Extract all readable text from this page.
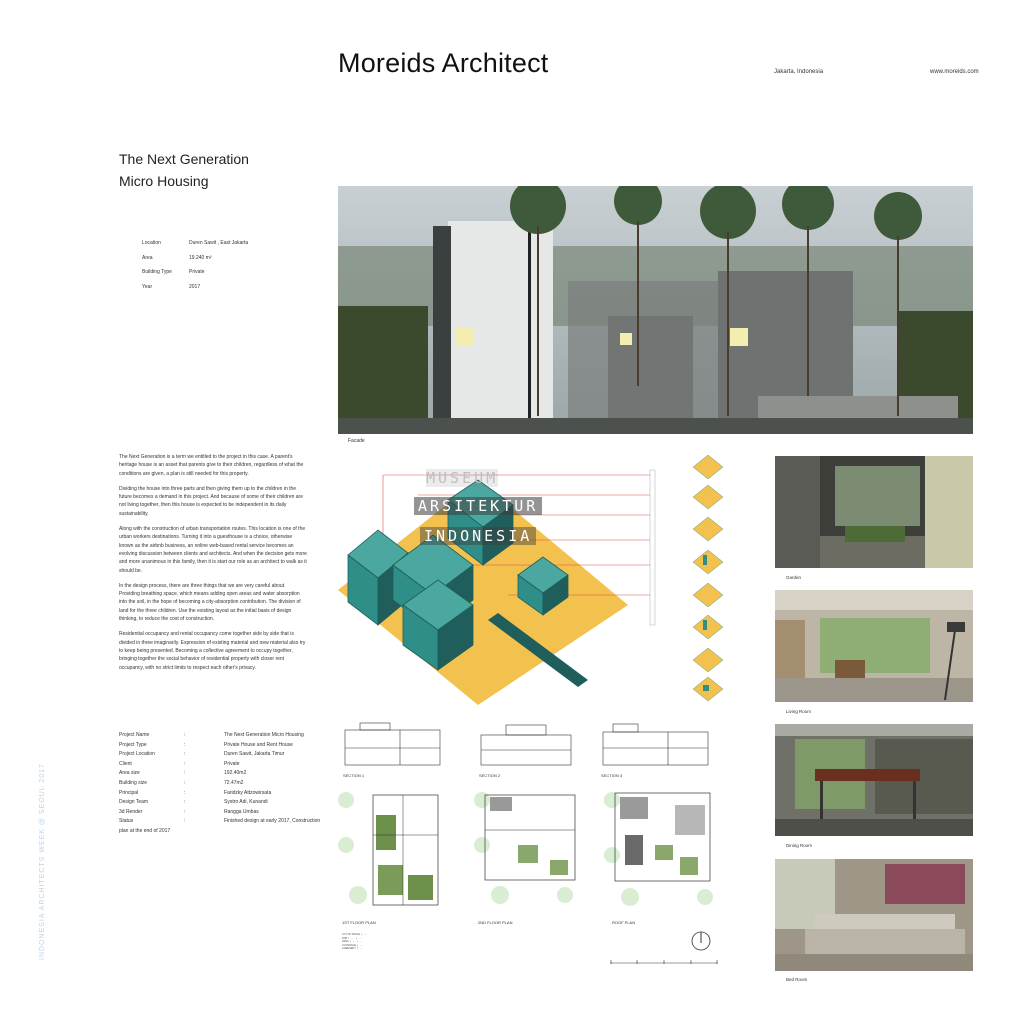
Moreids Architect	Jakarta, Indonesia	www.moreids.com
The Next Generation
Micro Housing
Location	Duren Sawit , East Jakarta
Area	19.240 m²
Building Type	Private
Year	2017
Facade

The Next Generation is a term we entitled to the project in this case. A parent's heritage house is an asset that parents give to their children, regardless of what the conditions are given, a plan is still needed for this property.

Dividing the house into three parts and then giving them up to the children in the future becomes a demand in this project. And because of some of their children are not living together, then this house is expected to be independent in its daily sustainability.

Along with the construction of urban transportation routes. This location is one of the urban workers destinations. Turning it into a guesthouse is a choice, otherwise known as the airbnb business, an online web-based rental service becomes an evolving discussion between clients and architects. And when the decision gets more and more unanimous in this family, then it is start our role as an architect to walk as it should be.

In the design process, there are three things that we are very careful about. Providing breathing space, which means adding open areas and water absorption into the soil, in the hope of becoming a city-absorption contribution. The division of land for the three children. Use the existing layout as the initial basis of design thinking, to reduce the cost of construction.

Residential occupancy and rental occupancy come together side by side that is divided in three imaginarily. Expression of existing material and new material also try to keep being presented. Becoming a collective agreement to occupy together, bringing together the social behavior of residential property with closer rent occupancy, with no strict limits to respect each other's privacy.

Project Name	:	The Next Generation Micro Housing
Project Type	:	Private House and Rent House
Project Location	:	Duren Sawit, Jakarta Timur
Client	:	Private
Area size	:	192.40m2
Building size	:	72.47m2
Principal	:	Faridzky Attzowirsata
Design Team	:	Systro Adi, Kunandi
3d Render	:	Rangga Umbas
Status	:	Finished design at early 2017, Construction
plan at the end of 2017
INDONESIA ARCHITECTS WEEK @ SEOUL 2017
MUSEUM
ARSITEKTUR
INDONESIA
Garden
Living Room
Dining Room
Bed Room
SECTION 1	SECTION 2	SECTION 3
1ST FLOOR PLAN	2ND FLOOR PLAN	ROOF PLAN
LOT OF SPACE  |  .....
KDB  |  ......  |  .....
AREA  |  .....  |  .....
COVERAGE  |  .....
GREENERY  |  .....
